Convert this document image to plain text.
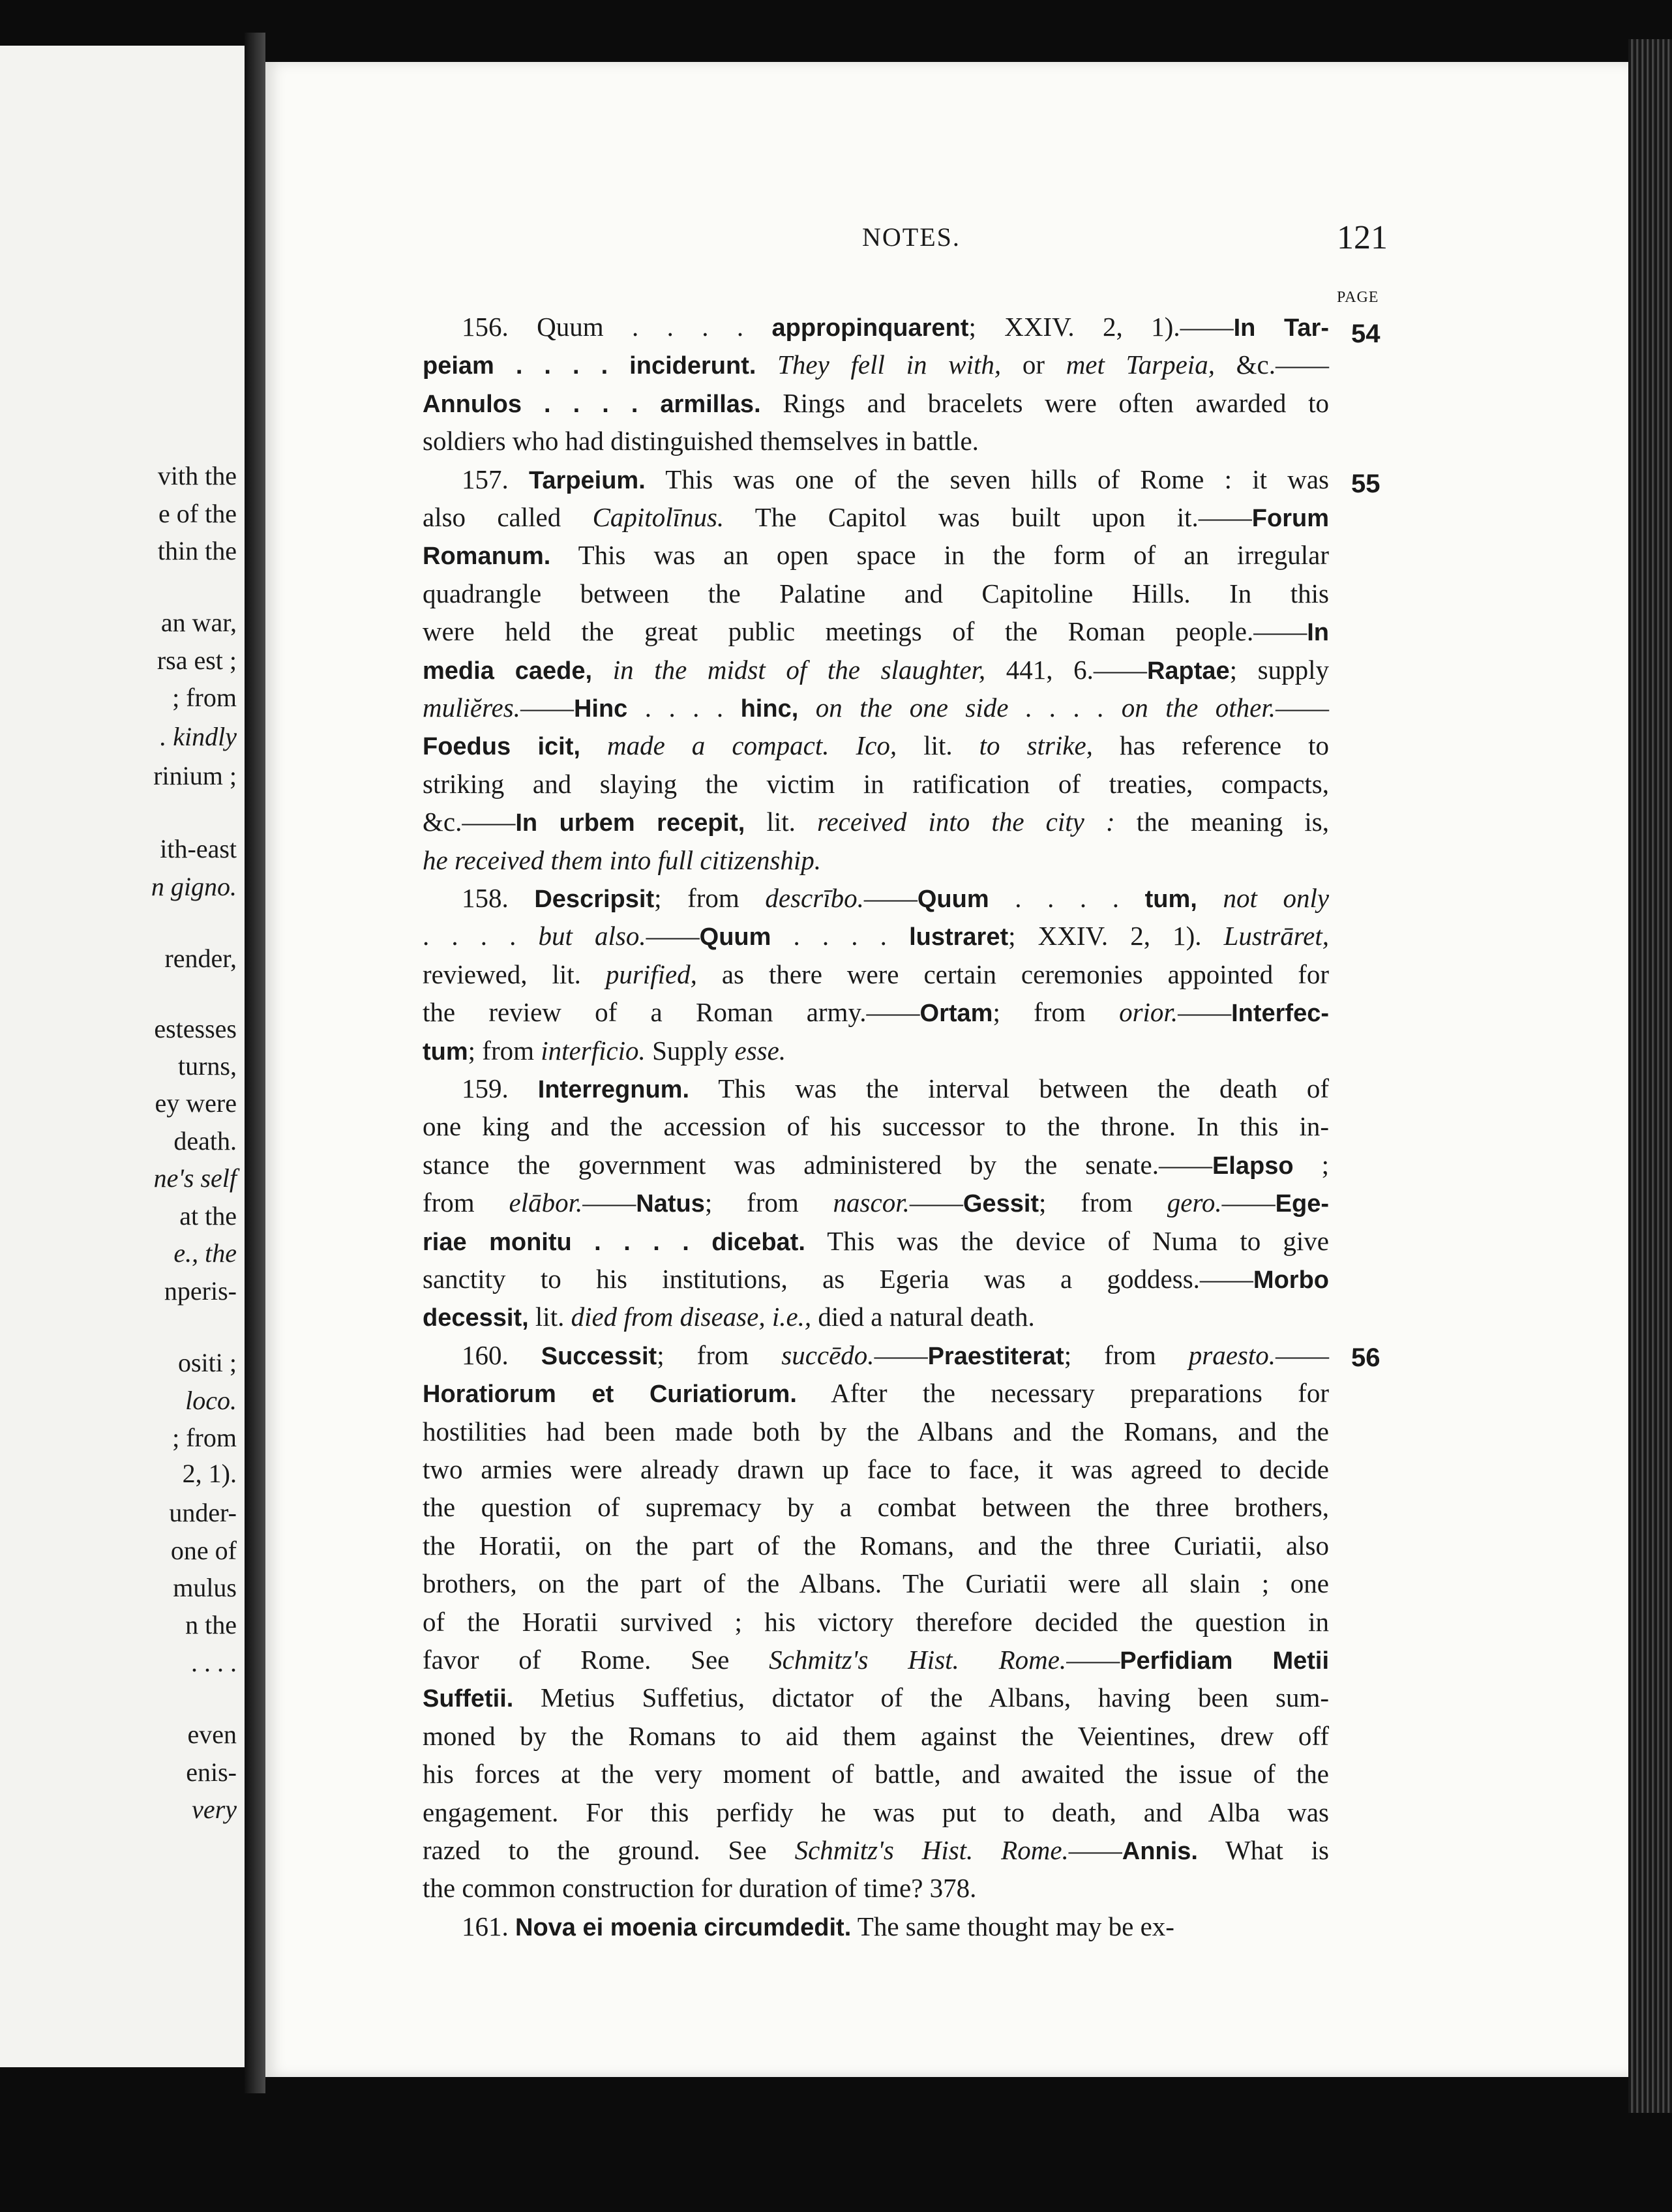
vith the
e of the
thin the
an war,
rsa est ;
; from
. kindly
rinium ;
ith-east
n gigno.
render,
estesses
turns,
ey were
death.
ne's self
at the
e., the
nperis-
ositi ;
loco.
; from
2, 1).
under-
one of
mulus
n the
. . . .
even
enis-
very
NOTES.	121
PAGE
54
55
56
156. Quum . . . . appropinquarent; XXIV. 2, 1).——In Tar-
peiam . . . . inciderunt. They fell in with, or met Tarpeia, &c.——
Annulos . . . . armillas. Rings and bracelets were often awarded to
soldiers who had distinguished themselves in battle.
157. Tarpeium. This was one of the seven hills of Rome : it was
also called Capitolīnus. The Capitol was built upon it.——Forum
Romanum. This was an open space in the form of an irregular
quadrangle between the Palatine and Capitoline Hills. In this
were held the great public meetings of the Roman people.——In
media caede, in the midst of the slaughter, 441, 6.——Raptae; supply
muliĕres.——Hinc . . . . hinc, on the one side . . . . on the other.——
Foedus icit, made a compact. Ico, lit. to strike, has reference to
striking and slaying the victim in ratification of treaties, compacts,
&c.——In urbem recepit, lit. received into the city : the meaning is,
he received them into full citizenship.
158. Descripsit; from descrībo.——Quum . . . . tum, not only
. . . . but also.——Quum . . . . lustraret; XXIV. 2, 1). Lustrāret,
reviewed, lit. purified, as there were certain ceremonies appointed for
the review of a Roman army.——Ortam; from orior.——Interfec-
tum; from interficio. Supply esse.
159. Interregnum. This was the interval between the death of
one king and the accession of his successor to the throne. In this in-
stance the government was administered by the senate.——Elapso ;
from elābor.——Natus; from nascor.——Gessit; from gero.——Ege-
riae monitu . . . . dicebat. This was the device of Numa to give
sanctity to his institutions, as Egeria was a goddess.——Morbo
decessit, lit. died from disease, i.e., died a natural death.
160. Successit; from succēdo.——Praestiterat; from praesto.——
Horatiorum et Curiatiorum. After the necessary preparations for
hostilities had been made both by the Albans and the Romans, and the
two armies were already drawn up face to face, it was agreed to decide
the question of supremacy by a combat between the three brothers,
the Horatii, on the part of the Romans, and the three Curiatii, also
brothers, on the part of the Albans. The Curiatii were all slain ; one
of the Horatii survived ; his victory therefore decided the question in
favor of Rome. See Schmitz's Hist. Rome.——Perfidiam Metii
Suffetii. Metius Suffetius, dictator of the Albans, having been sum-
moned by the Romans to aid them against the Veientines, drew off
his forces at the very moment of battle, and awaited the issue of the
engagement. For this perfidy he was put to death, and Alba was
razed to the ground. See Schmitz's Hist. Rome.——Annis. What is
the common construction for duration of time? 378.
161. Nova ei moenia circumdedit. The same thought may be ex-
